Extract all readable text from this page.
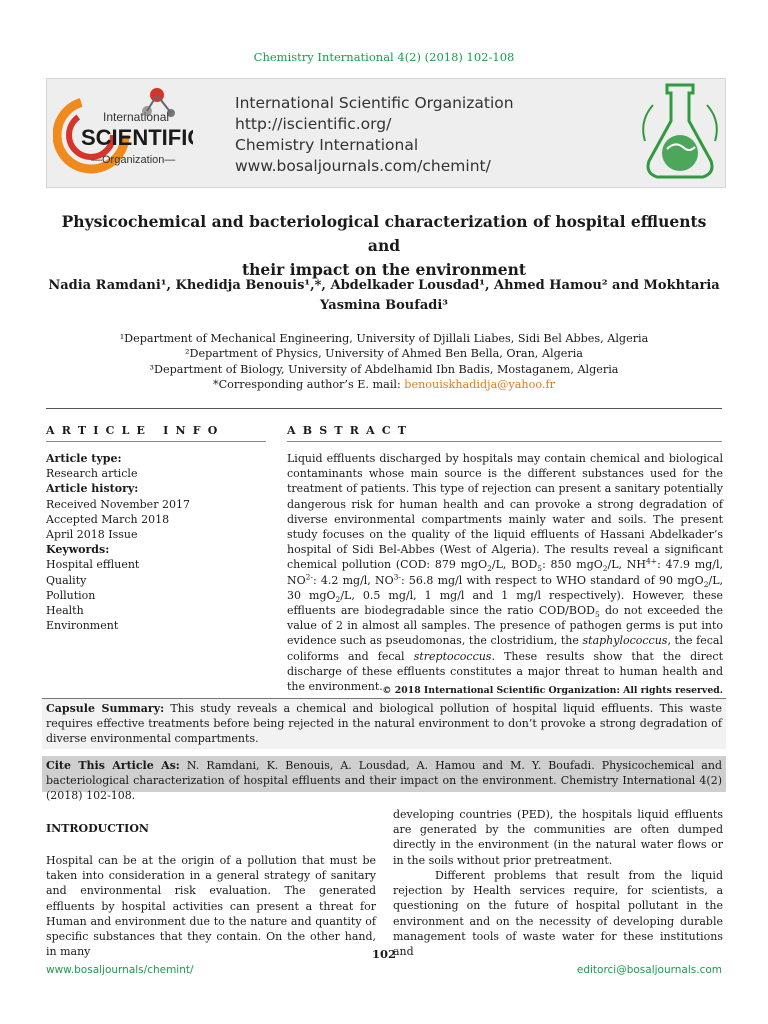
Chemistry International 4(2) (2018) 102-108
International
SCIENTIFIC
—Organization—
International Scientific Organization
http://iscientific.org/
Chemistry International
www.bosaljournals.com/chemint/
Physicochemical and bacteriological characterization of hospital effluents and
their impact on the environment
Nadia Ramdani¹, Khedidja Benouis¹,*, Abdelkader Lousdad¹, Ahmed Hamou² and Mokhtaria
Yasmina Boufadi³
¹Department of Mechanical Engineering, University of Djillali Liabes, Sidi Bel Abbes, Algeria
²Department of Physics, University of Ahmed Ben Bella, Oran, Algeria
³Department of Biology, University of Abdelhamid Ibn Badis, Mostaganem, Algeria
*Corresponding author’s E. mail: benouiskhadidja@yahoo.fr
ARTICLE INFO	ABSTRACT
Article type:
Research article
Article history:
Received November 2017
Accepted March 2018
April 2018 Issue
Keywords:
Hospital effluent
Quality
Pollution
Health
Environment
Liquid effluents discharged by hospitals may contain chemical and biological contaminants whose main source is the different substances used for the treatment of patients. This type of rejection can present a sanitary potentially dangerous risk for human health and can provoke a strong degradation of diverse environmental compartments mainly water and soils. The present study focuses on the quality of the liquid effluents of Hassani Abdelkader’s hospital of Sidi Bel-Abbes (West of Algeria). The results reveal a significant chemical pollution (COD: 879 mgO$_2$/L, $BOD_5$: 850 mgO$_2$/L, $NH^{4+}$: 47.9 mg/l, $NO^{2-}$: 4.2 mg/l, $NO^{3-}$: 56.8 mg/l with respect to WHO standard of 90 mgO$_2$/L, 30 mgO$_2$/L, 0.5 mg/l, 1 mg/l and 1 mg/l respectively). However, these effluents are biodegradable since the ratio COD/$BOD_5$ do not exceeded the value of 2 in almost all samples. The presence of pathogen germs is put into evidence such as pseudomonas, the clostridium, the staphylococcus, the fecal coliforms and fecal streptococcus. These results show that the direct discharge of these effluents constitutes a major threat to human health and the environment. © 2018 International Scientific Organization: All rights reserved.
Capsule Summary: This study reveals a chemical and biological pollution of hospital liquid effluents. This waste requires effective treatments before being rejected in the natural environment to don’t provoke a strong degradation of diverse environmental compartments.
Cite This Article As: N. Ramdani, K. Benouis, A. Lousdad, A. Hamou and M. Y. Boufadi. Physicochemical and bacteriological characterization of hospital effluents and their impact on the environment. Chemistry International 4(2) (2018) 102-108.
INTRODUCTION
Hospital can be at the origin of a pollution that must be taken into consideration in a general strategy of sanitary and environmental risk evaluation. The generated effluents by hospital activities can present a threat for Human and environment due to the nature and quantity of specific substances that they contain. On the other hand, in many
developing countries (PED), the hospitals liquid effluents are generated by the communities are often dumped directly in the environment (in the natural water flows or in the soils without prior pretreatment.
Different problems that result from the liquid rejection by Health services require, for scientists, a questioning on the future of hospital pollutant in the environment and on the necessity of developing durable management tools of waste water for these institutions and
102
www.bosaljournals/chemint/	editorci@bosaljournals.com
